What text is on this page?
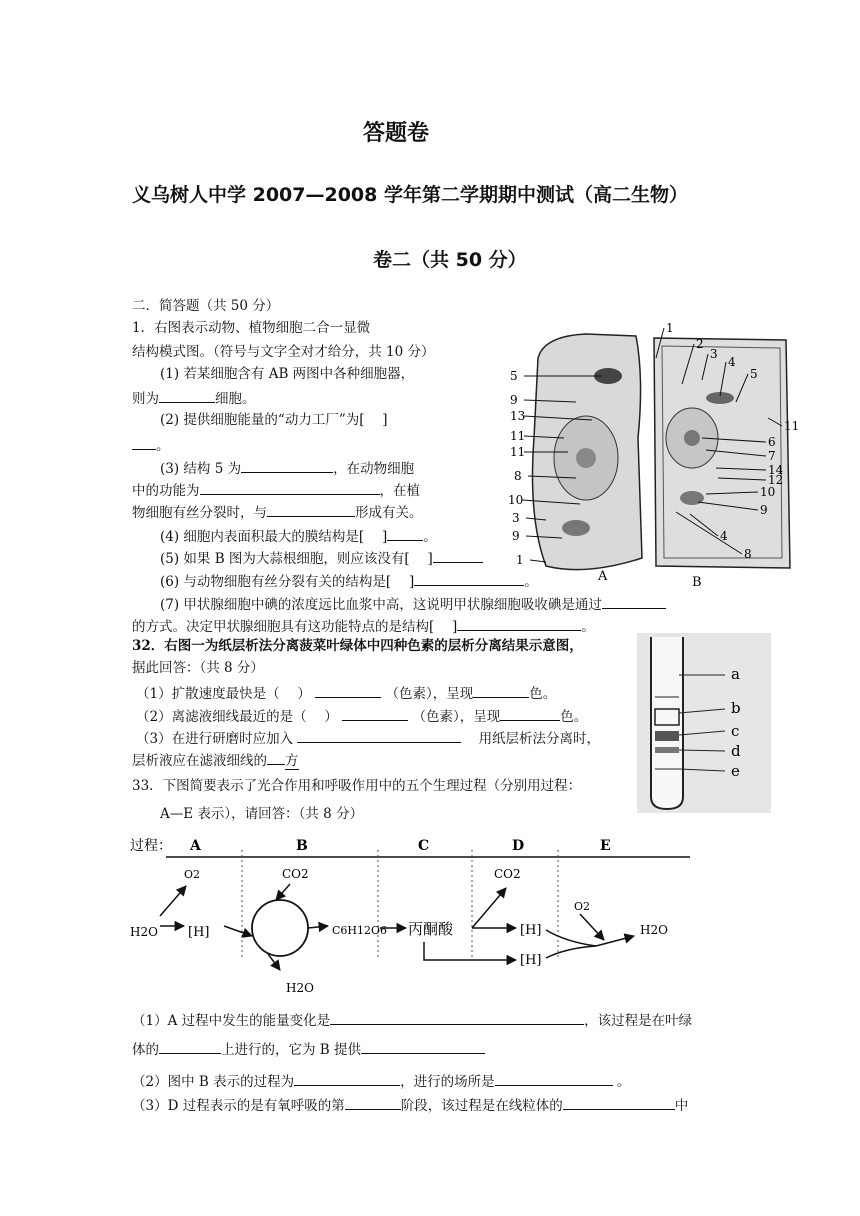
答题卷
义乌树人中学 2007—2008 学年第二学期期中测试（高二生物）
卷二（共 50 分）
二．简答题（共 50 分）
1．右图表示动物、植物细胞二合一显微
结构模式图。（符号与文字全对才给分，共 10 分）
(1) 若某细胞含有 AB 两图中各种细胞器，
则为	细胞。
(2) 提供细胞能量的“动力工厂”为[　 ]
。
(3) 结构 5 为	，在动物细胞
中的功能为	，在植
物细胞有丝分裂时，与	形成有关。
(4) 细胞内表面积最大的膜结构是[　 ]	。
(5) 如果 B 图为大蒜根细胞，则应该没有[　 ]
(6) 与动物细胞有丝分裂有关的结构是[　 ]	。
(7) 甲状腺细胞中碘的浓度远比血浆中高，这说明甲状腺细胞吸收碘是通过
的方式。决定甲状腺细胞具有这功能特点的是结构[　 ]	。
5
9
13
11
11
8
10
3
9
1
1
2
3
4
5
11
6
7
14
12
10
9
8
4
A	B
32．右图一为纸层析法分离菠菜叶绿体中四种色素的层析分离结果示意图，
据此回答：（共 8 分）
（1）扩散速度最快是（　 ）	（色素），呈现	色。
（2）离滤液细线最近的是（　 ）	（色素），呈现	色。
（3）在进行研磨时应加入	用纸层析法分离时，
层析液应在滤液细线的 方
a
b
c
d
e
33．下图简要表示了光合作用和呼吸作用中的五个生理过程（分别用过程：
A—E 表示），请回答：（共 8 分）
过程： A	B	C	D	E
O2
H2O [H]
CO2
C6H12O6
H2O
丙酮酸
CO2
[H]
[H]
O2
H2O
（1）A 过程中发生的能量变化是	，该过程是在叶绿
体的	上进行的，它为 B 提供
（2）图中 B 表示的过程为	，进行的场所是	。
（3）D 过程表示的是有氧呼吸的第	阶段，该过程是在线粒体的	中
